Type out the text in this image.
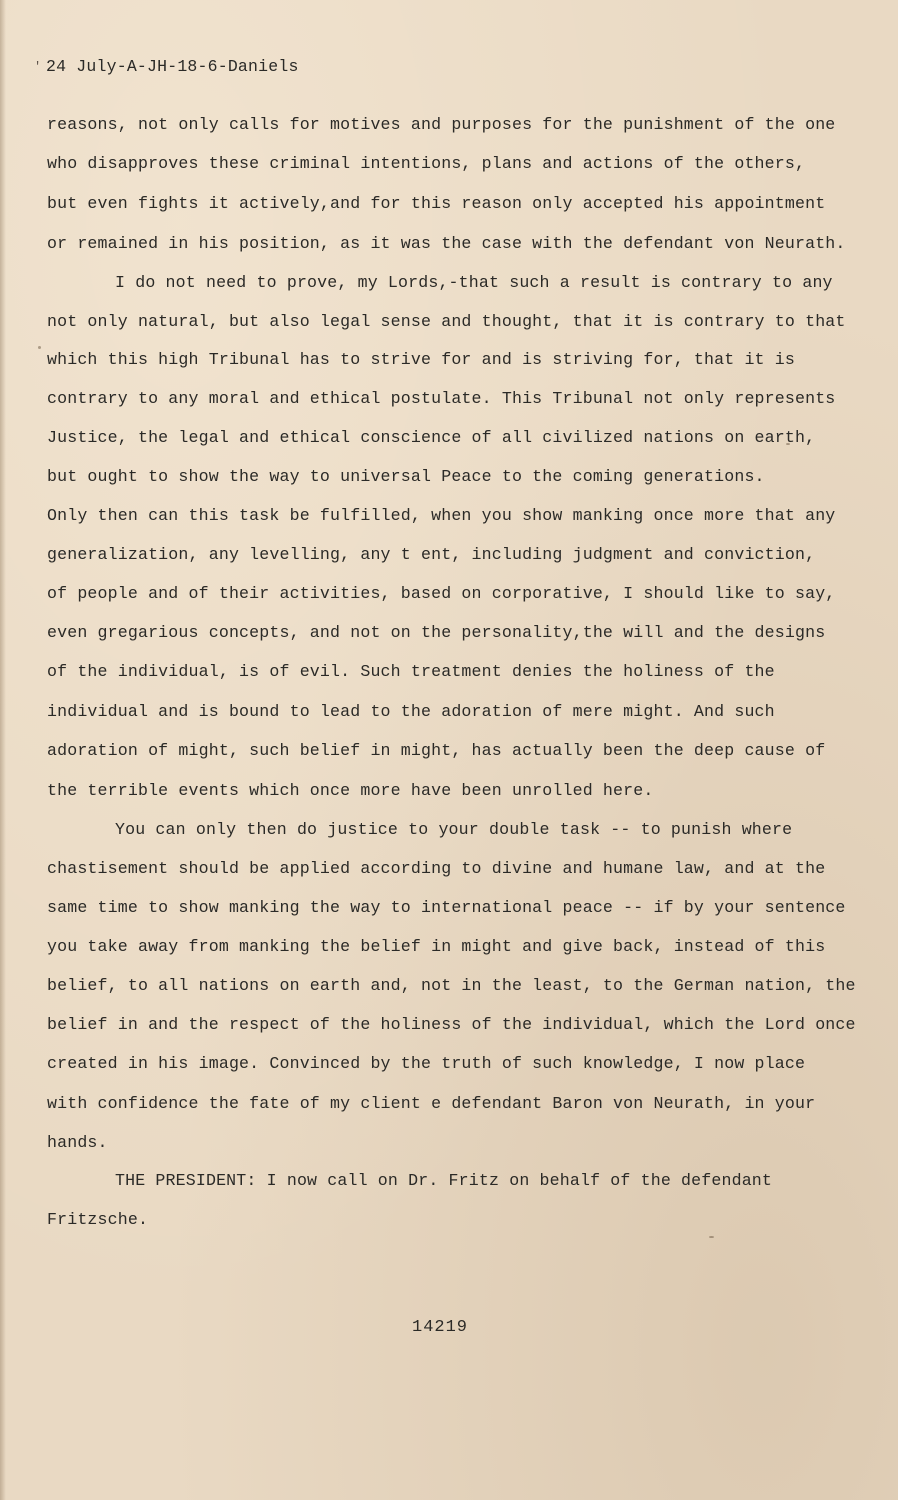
' 24 July-A-JH-18-6-Daniels
reasons, not only calls for motives and purposes for the punishment of the one
who disapproves these criminal intentions, plans and actions of the others,
but even fights it actively,and for this reason only accepted his appointment
or remained in his position, as it was the case with the defendant von Neurath.
I do not need to prove, my Lords,-that such a result is contrary to any
not only natural, but also legal sense and thought, that it is contrary to that
which this high Tribunal has to strive for and is striving for, that it is
contrary to any moral and ethical postulate. This Tribunal not only represents
Justice, the legal and ethical conscience of all civilized nations on earth,
but ought to show the way to universal Peace to the coming generations.
Only then can this task be fulfilled, when you show manking once more that any
generalization, any levelling, any t ent, including judgment and conviction,
of people and of their activities, based on corporative, I should like to say,
even gregarious concepts, and not on the personality,the will and the designs
of the individual, is of evil. Such treatment denies the holiness of the
individual and is bound to lead to the adoration of mere might. And such
adoration of might, such belief in might, has actually been the deep cause of
the terrible events which once more have been unrolled here.
You can only then do justice to your double task -- to punish where
chastisement should be applied according to divine and humane law, and at the
same time to show manking the way to international peace -- if by your sentence
you take away from manking the belief in might and give back, instead of this
belief, to all nations on earth and, not in the least, to the German nation, the
belief in and the respect of the holiness of the individual, which the Lord once
created in his image. Convinced by the truth of such knowledge, I now place
with confidence the fate of my client e defendant Baron von Neurath, in your
hands.
THE PRESIDENT: I now call on Dr. Fritz on behalf of the defendant
Fritzsche.
14219
